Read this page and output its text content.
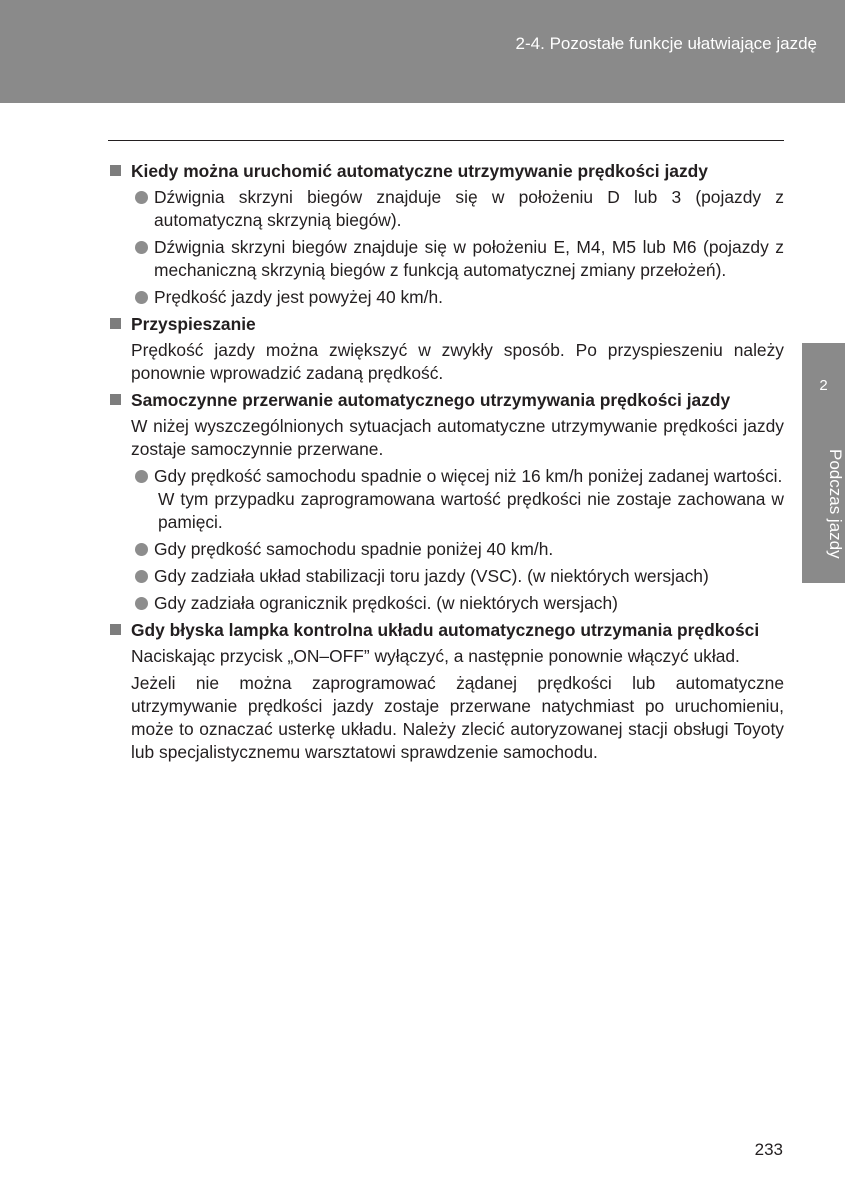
2-4. Pozostałe funkcje ułatwiające jazdę
2
Podczas jazdy
Kiedy można uruchomić automatyczne utrzymywanie prędkości jazdy
Dźwignia skrzyni biegów znajduje się w położeniu D lub 3 (pojazdy z automatyczną skrzynią biegów).
Dźwignia skrzyni biegów znajduje się w położeniu E, M4, M5 lub M6 (pojazdy z mechaniczną skrzynią biegów z funkcją automatycznej zmiany przełożeń).
Prędkość jazdy jest powyżej 40 km/h.
Przyspieszanie
Prędkość jazdy można zwiększyć w zwykły sposób. Po przyspieszeniu należy ponownie wprowadzić zadaną prędkość.
Samoczynne przerwanie automatycznego utrzymywania prędkości jazdy
W niżej wyszczególnionych sytuacjach automatyczne utrzymywanie prędkości jazdy zostaje samoczynnie przerwane.
Gdy prędkość samochodu spadnie o więcej niż 16 km/h poniżej zadanej wartości.
W tym przypadku zaprogramowana wartość prędkości nie zostaje zachowana w pamięci.
Gdy prędkość samochodu spadnie poniżej 40 km/h.
Gdy zadziała układ stabilizacji toru jazdy (VSC). (w niektórych wersjach)
Gdy zadziała ogranicznik prędkości. (w niektórych wersjach)
Gdy błyska lampka kontrolna układu automatycznego utrzymania prędkości
Naciskając przycisk „ON–OFF” wyłączyć, a następnie ponownie włączyć układ.
Jeżeli nie można zaprogramować żądanej prędkości lub automatyczne utrzymywanie prędkości jazdy zostaje przerwane natychmiast po uruchomieniu, może to oznaczać usterkę układu. Należy zlecić autoryzowanej stacji obsługi Toyoty lub specjalistycznemu warsztatowi sprawdzenie samochodu.
233
